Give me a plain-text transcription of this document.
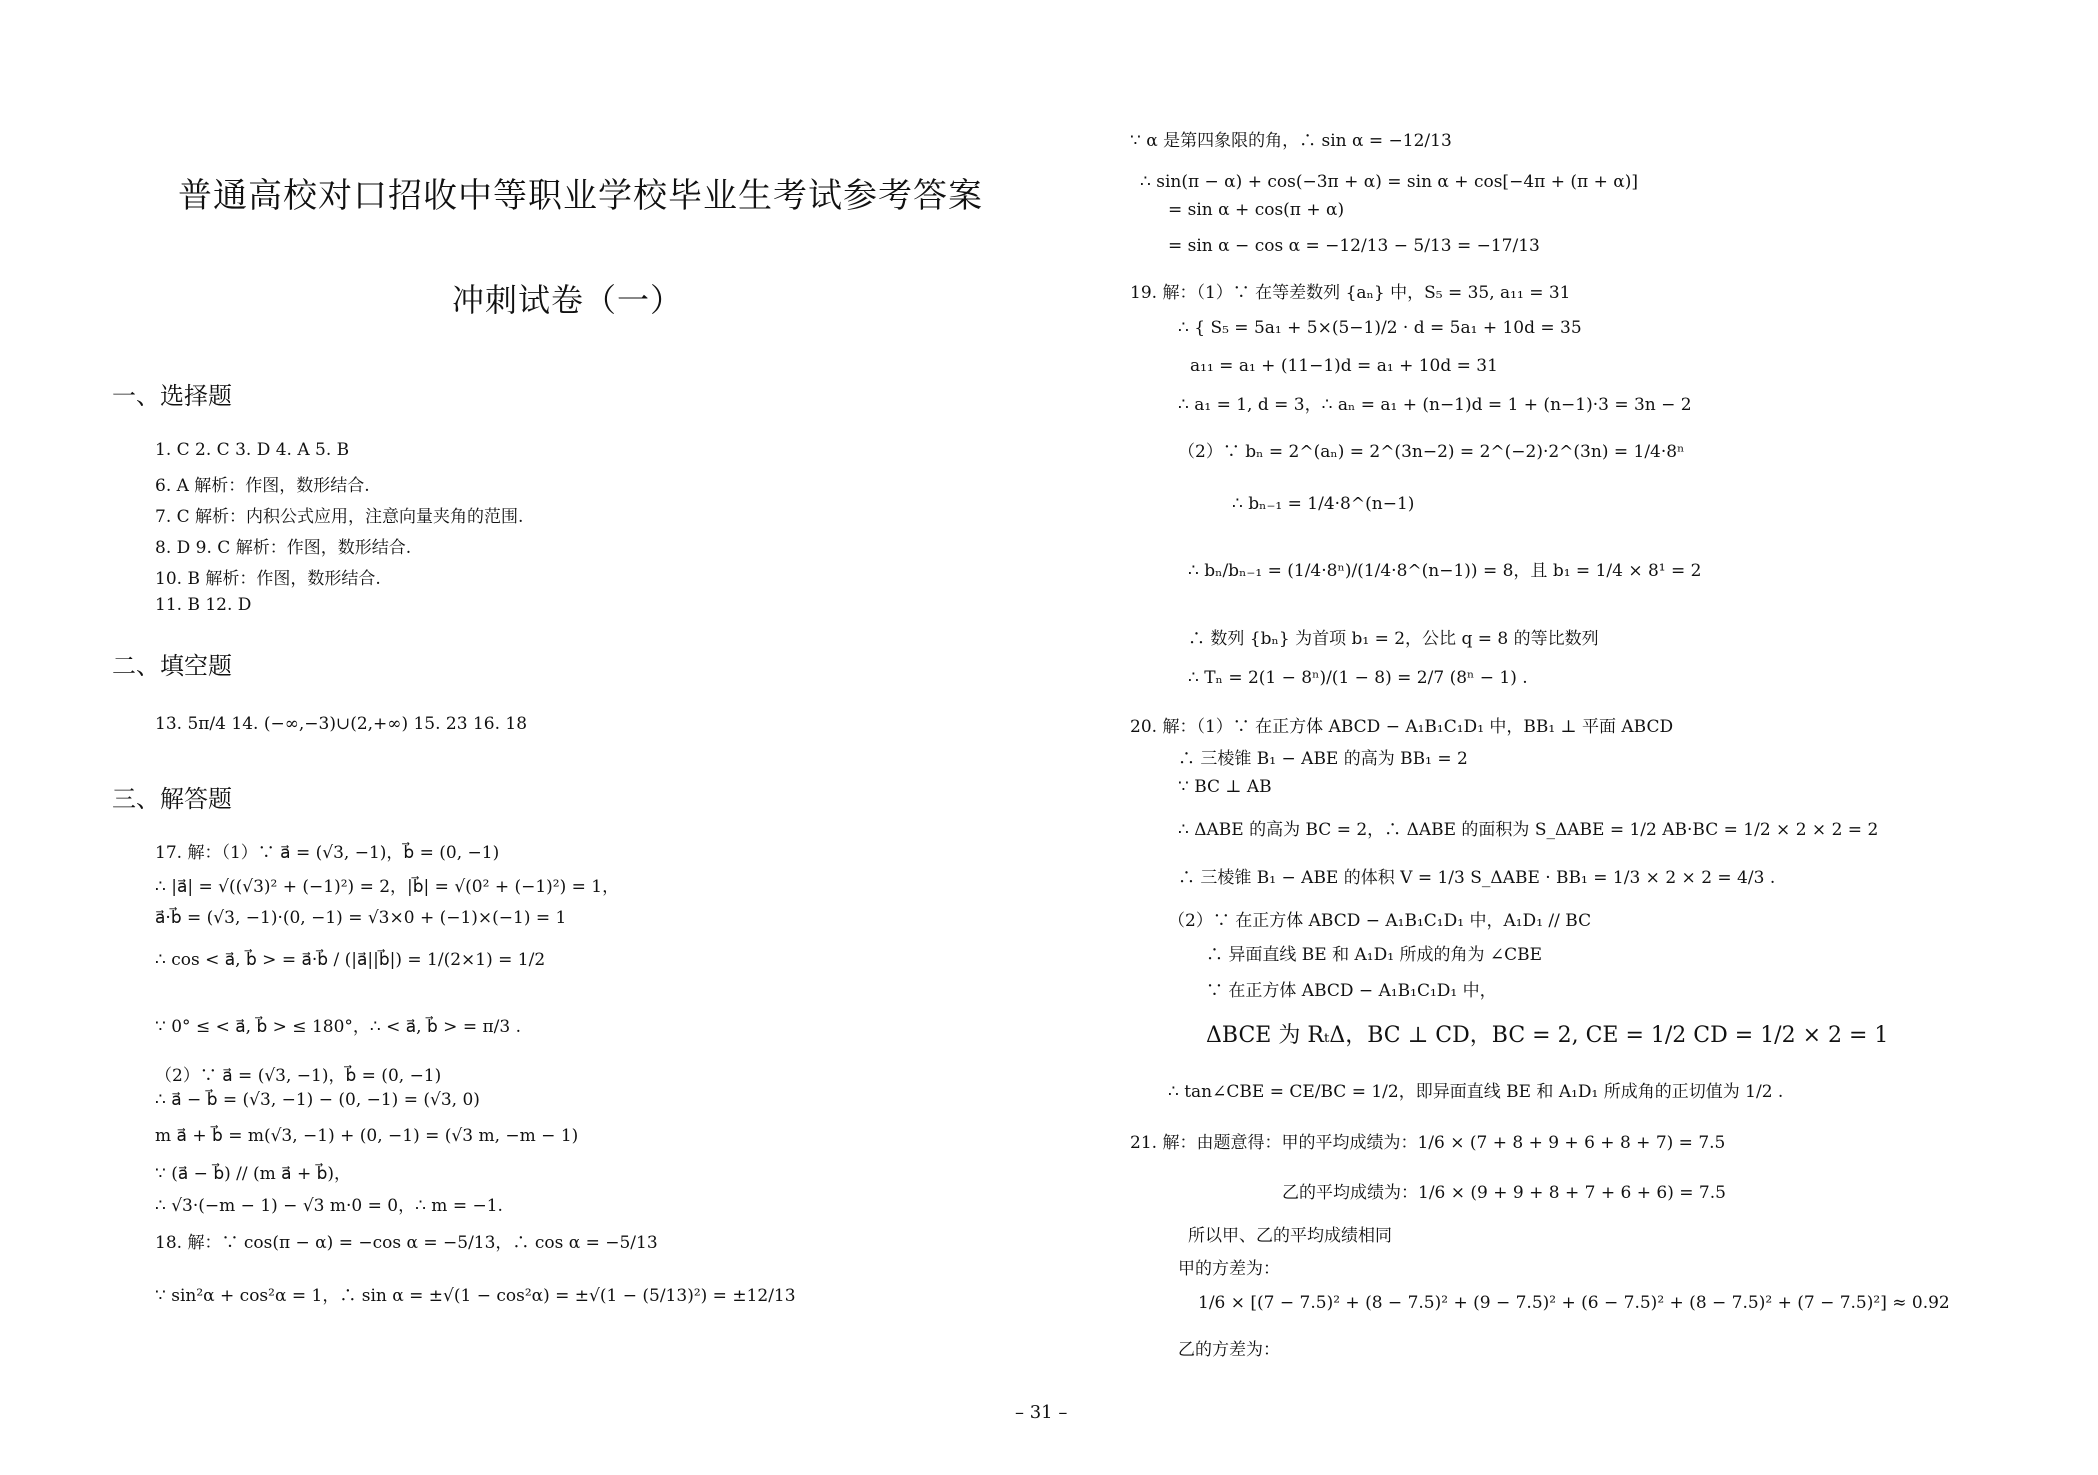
普通高校对口招收中等职业学校毕业生考试参考答案
冲刺试卷（一）
一、选择题
二、填空题
三、解答题
1. C 2. C 3. D 4. A 5. B
6. A 解析：作图，数形结合.
7. C 解析：内积公式应用，注意向量夹角的范围.
8. D 9. C 解析：作图，数形结合.
10. B 解析：作图，数形结合.
11. B 12. D
13. 5π/4 14. (−∞,−3)∪(2,+∞) 15. 23 16. 18
17. 解：（1）∵ a⃗ = (√3, −1)，b⃗ = (0, −1)
∴ |a⃗| = √((√3)² + (−1)²) = 2，|b⃗| = √(0² + (−1)²) = 1，
a⃗·b⃗ = (√3, −1)·(0, −1) = √3×0 + (−1)×(−1) = 1
∴ cos < a⃗, b⃗ > = a⃗·b⃗ / (|a⃗||b⃗|) = 1/(2×1) = 1/2
∵ 0° ≤ < a⃗, b⃗ > ≤ 180°，∴ < a⃗, b⃗ > = π/3 .
（2）∵ a⃗ = (√3, −1)，b⃗ = (0, −1)
∴ a⃗ − b⃗ = (√3, −1) − (0, −1) = (√3, 0)
m a⃗ + b⃗ = m(√3, −1) + (0, −1) = (√3 m, −m − 1)
∵ (a⃗ − b⃗) // (m a⃗ + b⃗)，
∴ √3·(−m − 1) − √3 m·0 = 0，∴ m = −1.
18. 解：∵ cos(π − α) = −cos α = −5/13，∴ cos α = −5/13
∵ sin²α + cos²α = 1，∴ sin α = ±√(1 − cos²α) = ±√(1 − (5/13)²) = ±12/13
∵ α 是第四象限的角，∴ sin α = −12/13
∴ sin(π − α) + cos(−3π + α) = sin α + cos[−4π + (π + α)]
= sin α + cos(π + α)
= sin α − cos α = −12/13 − 5/13 = −17/13
19. 解：（1）∵ 在等差数列 {aₙ} 中，S₅ = 35, a₁₁ = 31
∴ { S₅ = 5a₁ + 5×(5−1)/2 · d = 5a₁ + 10d = 35
a₁₁ = a₁ + (11−1)d = a₁ + 10d = 31
∴ a₁ = 1, d = 3，∴ aₙ = a₁ + (n−1)d = 1 + (n−1)·3 = 3n − 2
（2）∵ bₙ = 2^(aₙ) = 2^(3n−2) = 2^(−2)·2^(3n) = 1/4·8ⁿ
∴ bₙ₋₁ = 1/4·8^(n−1)
∴ bₙ/bₙ₋₁ = (1/4·8ⁿ)/(1/4·8^(n−1)) = 8，且 b₁ = 1/4 × 8¹ = 2
∴ 数列 {bₙ} 为首项 b₁ = 2，公比 q = 8 的等比数列
∴ Tₙ = 2(1 − 8ⁿ)/(1 − 8) = 2/7 (8ⁿ − 1) .
20. 解：（1）∵ 在正方体 ABCD − A₁B₁C₁D₁ 中，BB₁ ⊥ 平面 ABCD
∴ 三棱锥 B₁ − ABE 的高为 BB₁ = 2
∵ BC ⊥ AB
∴ ΔABE 的高为 BC = 2，∴ ΔABE 的面积为 S_ΔABE = 1/2 AB·BC = 1/2 × 2 × 2 = 2
∴ 三棱锥 B₁ − ABE 的体积 V = 1/3 S_ΔABE · BB₁ = 1/3 × 2 × 2 = 4/3 .
（2）∵ 在正方体 ABCD − A₁B₁C₁D₁ 中，A₁D₁ // BC
∴ 异面直线 BE 和 A₁D₁ 所成的角为 ∠CBE
∵ 在正方体 ABCD − A₁B₁C₁D₁ 中，
ΔBCE 为 RₜΔ，BC ⊥ CD，BC = 2, CE = 1/2 CD = 1/2 × 2 = 1
∴ tan∠CBE = CE/BC = 1/2，即异面直线 BE 和 A₁D₁ 所成角的正切值为 1/2 .
21. 解：由题意得：甲的平均成绩为：1/6 × (7 + 8 + 9 + 6 + 8 + 7) = 7.5
乙的平均成绩为：1/6 × (9 + 9 + 8 + 7 + 6 + 6) = 7.5
所以甲、乙的平均成绩相同
甲的方差为：
1/6 × [(7 − 7.5)² + (8 − 7.5)² + (9 − 7.5)² + (6 − 7.5)² + (8 − 7.5)² + (7 − 7.5)²] ≈ 0.92
乙的方差为：
– 31 –
